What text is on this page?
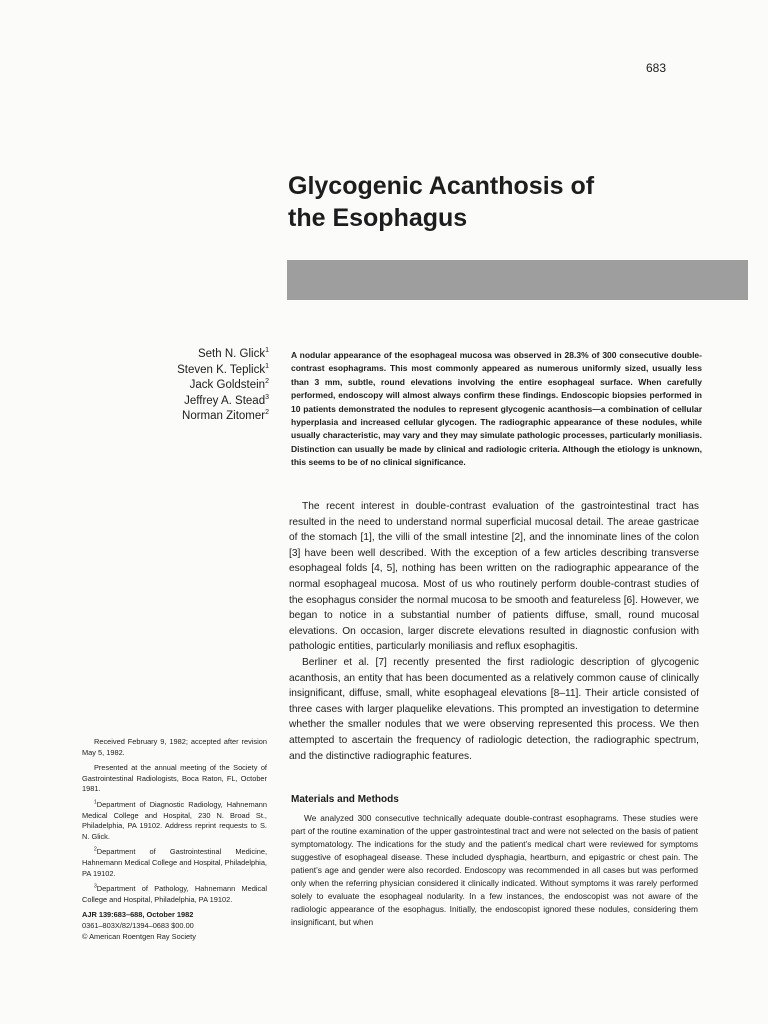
683
Glycogenic Acanthosis of
the Esophagus
Seth N. Glick$^1$
Steven K. Teplick$^1$
Jack Goldstein$^2$
Jeffrey A. Stead$^3$
Norman Zitomer$^2$

A nodular appearance of the esophageal mucosa was observed in 28.3% of 300 consecutive double-contrast esophagrams. This most commonly appeared as numerous uniformly sized, usually less than 3 mm, subtle, round elevations involving the entire esophageal surface. When carefully performed, endoscopy will almost always confirm these findings. Endoscopic biopsies performed in 10 patients demonstrated the nodules to represent glycogenic acanthosis—a combination of cellular hyperplasia and increased cellular glycogen. The radiographic appearance of these nodules, while usually characteristic, may vary and they may simulate pathologic processes, particularly moniliasis. Distinction can usually be made by clinical and radiologic criteria. Although the etiology is unknown, this seems to be of no clinical significance.

The recent interest in double-contrast evaluation of the gastrointestinal tract has resulted in the need to understand normal superficial mucosal detail. The areae gastricae of the stomach [1], the villi of the small intestine [2], and the innominate lines of the colon [3] have been well described. With the exception of a few articles describing transverse esophageal folds [4, 5], nothing has been written on the radiographic appearance of the normal esophageal mucosa. Most of us who routinely perform double-contrast studies of the esophagus consider the normal mucosa to be smooth and featureless [6]. However, we began to notice in a substantial number of patients diffuse, small, round mucosal elevations. On occasion, larger discrete elevations resulted in diagnostic confusion with pathologic entities, particularly moniliasis and reflux esophagitis.

Berliner et al. [7] recently presented the first radiologic description of glycogenic acanthosis, an entity that has been documented as a relatively common cause of clinically insignificant, diffuse, small, white esophageal elevations [8–11]. Their article consisted of three cases with larger plaquelike elevations. This prompted an investigation to determine whether the smaller nodules that we were observing represented this process. We then attempted to ascertain the frequency of radiologic detection, the radiographic spectrum, and the distinctive radiographic features.

Received February 9, 1982; accepted after revision May 5, 1982.

Presented at the annual meeting of the Society of Gastrointestinal Radiologists, Boca Raton, FL, October 1981.

$^1$Department of Diagnostic Radiology, Hahnemann Medical College and Hospital, 230 N. Broad St., Philadelphia, PA 19102. Address reprint requests to S. N. Glick.

$^2$Department of Gastrointestinal Medicine, Hahnemann Medical College and Hospital, Philadelphia, PA 19102.

$^3$Department of Pathology, Hahnemann Medical College and Hospital, Philadelphia, PA 19102.

AJR 139:683–688, October 1982
0361–803X/82/1394–0683 $00.00
© American Roentgen Ray Society
Materials and Methods

We analyzed 300 consecutive technically adequate double-contrast esophagrams. These studies were part of the routine examination of the upper gastrointestinal tract and were not selected on the basis of patient symptomatology. The indications for the study and the patient’s medical chart were reviewed for symptoms suggestive of esophageal disease. These included dysphagia, heartburn, and epigastric or chest pain. The patient’s age and gender were also recorded. Endoscopy was recommended in all cases but was performed only when the referring physician considered it clinically indicated. Without symptoms it was rarely performed solely to evaluate the esophageal nodularity. In a few instances, the endoscopist was not aware of the radiologic appearance of the esophagus. Initially, the endoscopist ignored these nodules, considering them insignificant, but when
